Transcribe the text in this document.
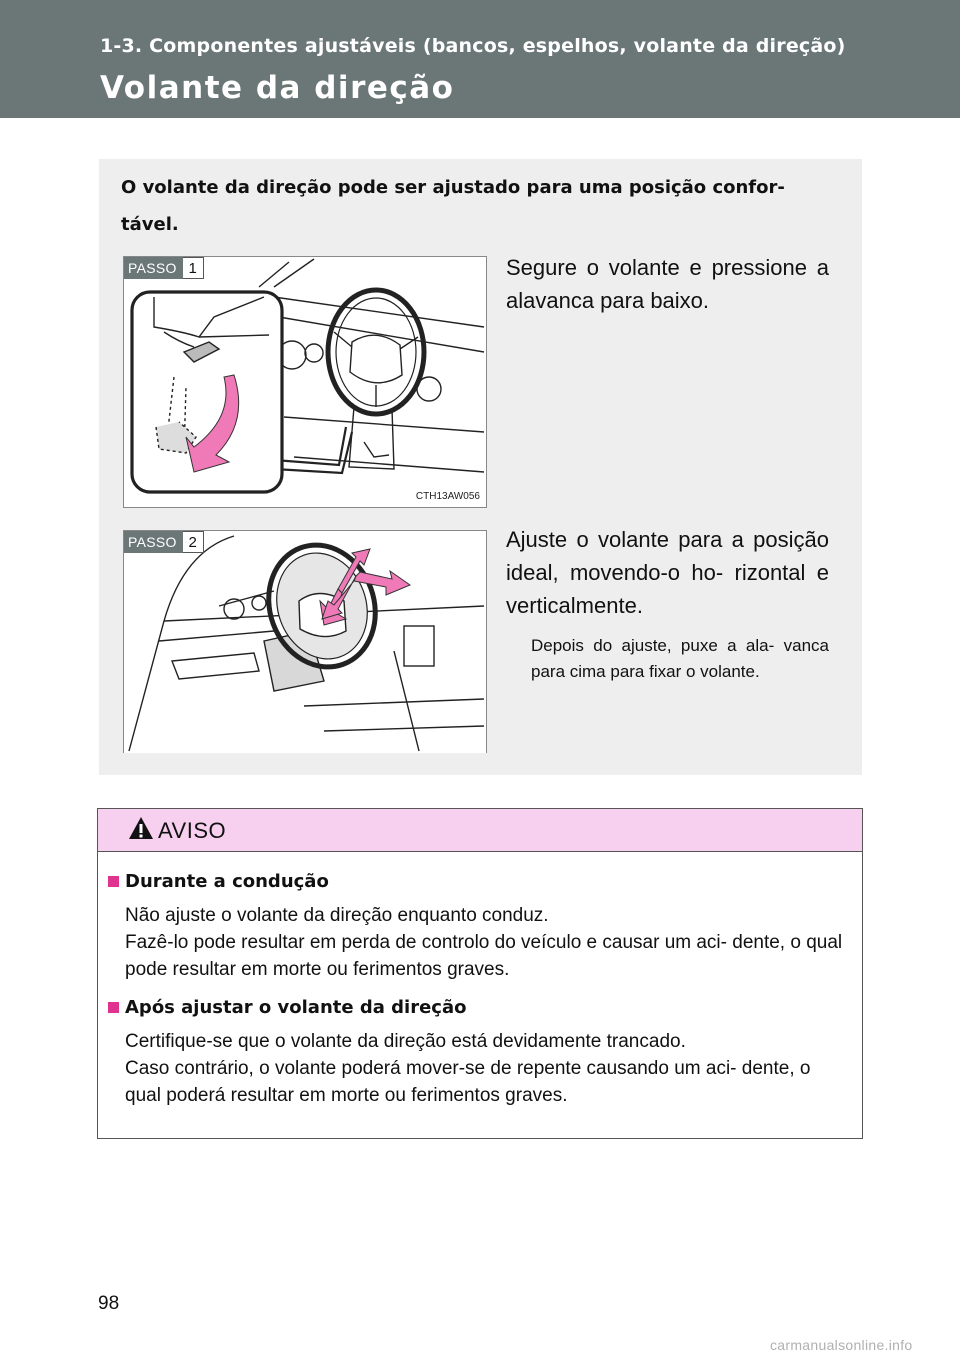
1-3. Componentes ajustáveis (bancos, espelhos, volante da direção)
Volante da direção
O volante da direção pode ser ajustado para uma posição confor- tável.
PASSO 1
CTH13AW056
Segure o volante e pressione a alavanca para baixo.
PASSO 2	Ajuste o volante para a posição ideal, movendo-o ho- rizontal e verticalmente.
Depois do ajuste, puxe a ala- vanca para cima para fixar o volante.
AVISO
Durante a condução
Não ajuste o volante da direção enquanto conduz.
Fazê-lo pode resultar em perda de controlo do veículo e causar um aci- dente, o qual pode resultar em morte ou ferimentos graves.
Após ajustar o volante da direção
Certifique-se que o volante da direção está devidamente trancado.
Caso contrário, o volante poderá mover-se de repente causando um aci- dente, o qual poderá resultar em morte ou ferimentos graves.
98
carmanualsonline.info
